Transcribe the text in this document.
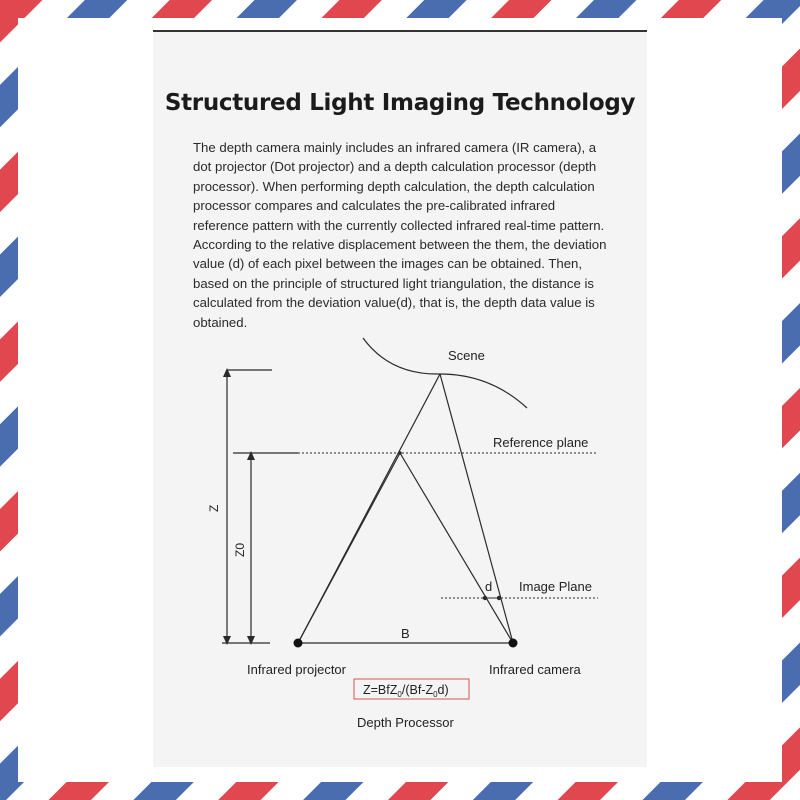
Structured Light Imaging Technology

The depth camera mainly includes an infrared camera (IR camera), a dot projector (Dot projector) and a depth calculation processor (depth processor). When performing depth calculation, the depth calculation processor compares and calculates the pre-calibrated infrared reference pattern with the currently collected infrared real-time pattern. According to the relative displacement between the them, the deviation value (d) of each pixel between the images can be obtained. Then, based on the principle of structured light triangulation, the distance is calculated from the deviation value(d), that is, the depth data value is obtained.

Scene
Reference plane
Image Plane
d
Z
Z0
B
Infrared projector	Infrared camera
$Z=BfZ_0/(Bf-Z_0d)$
Depth Processor
